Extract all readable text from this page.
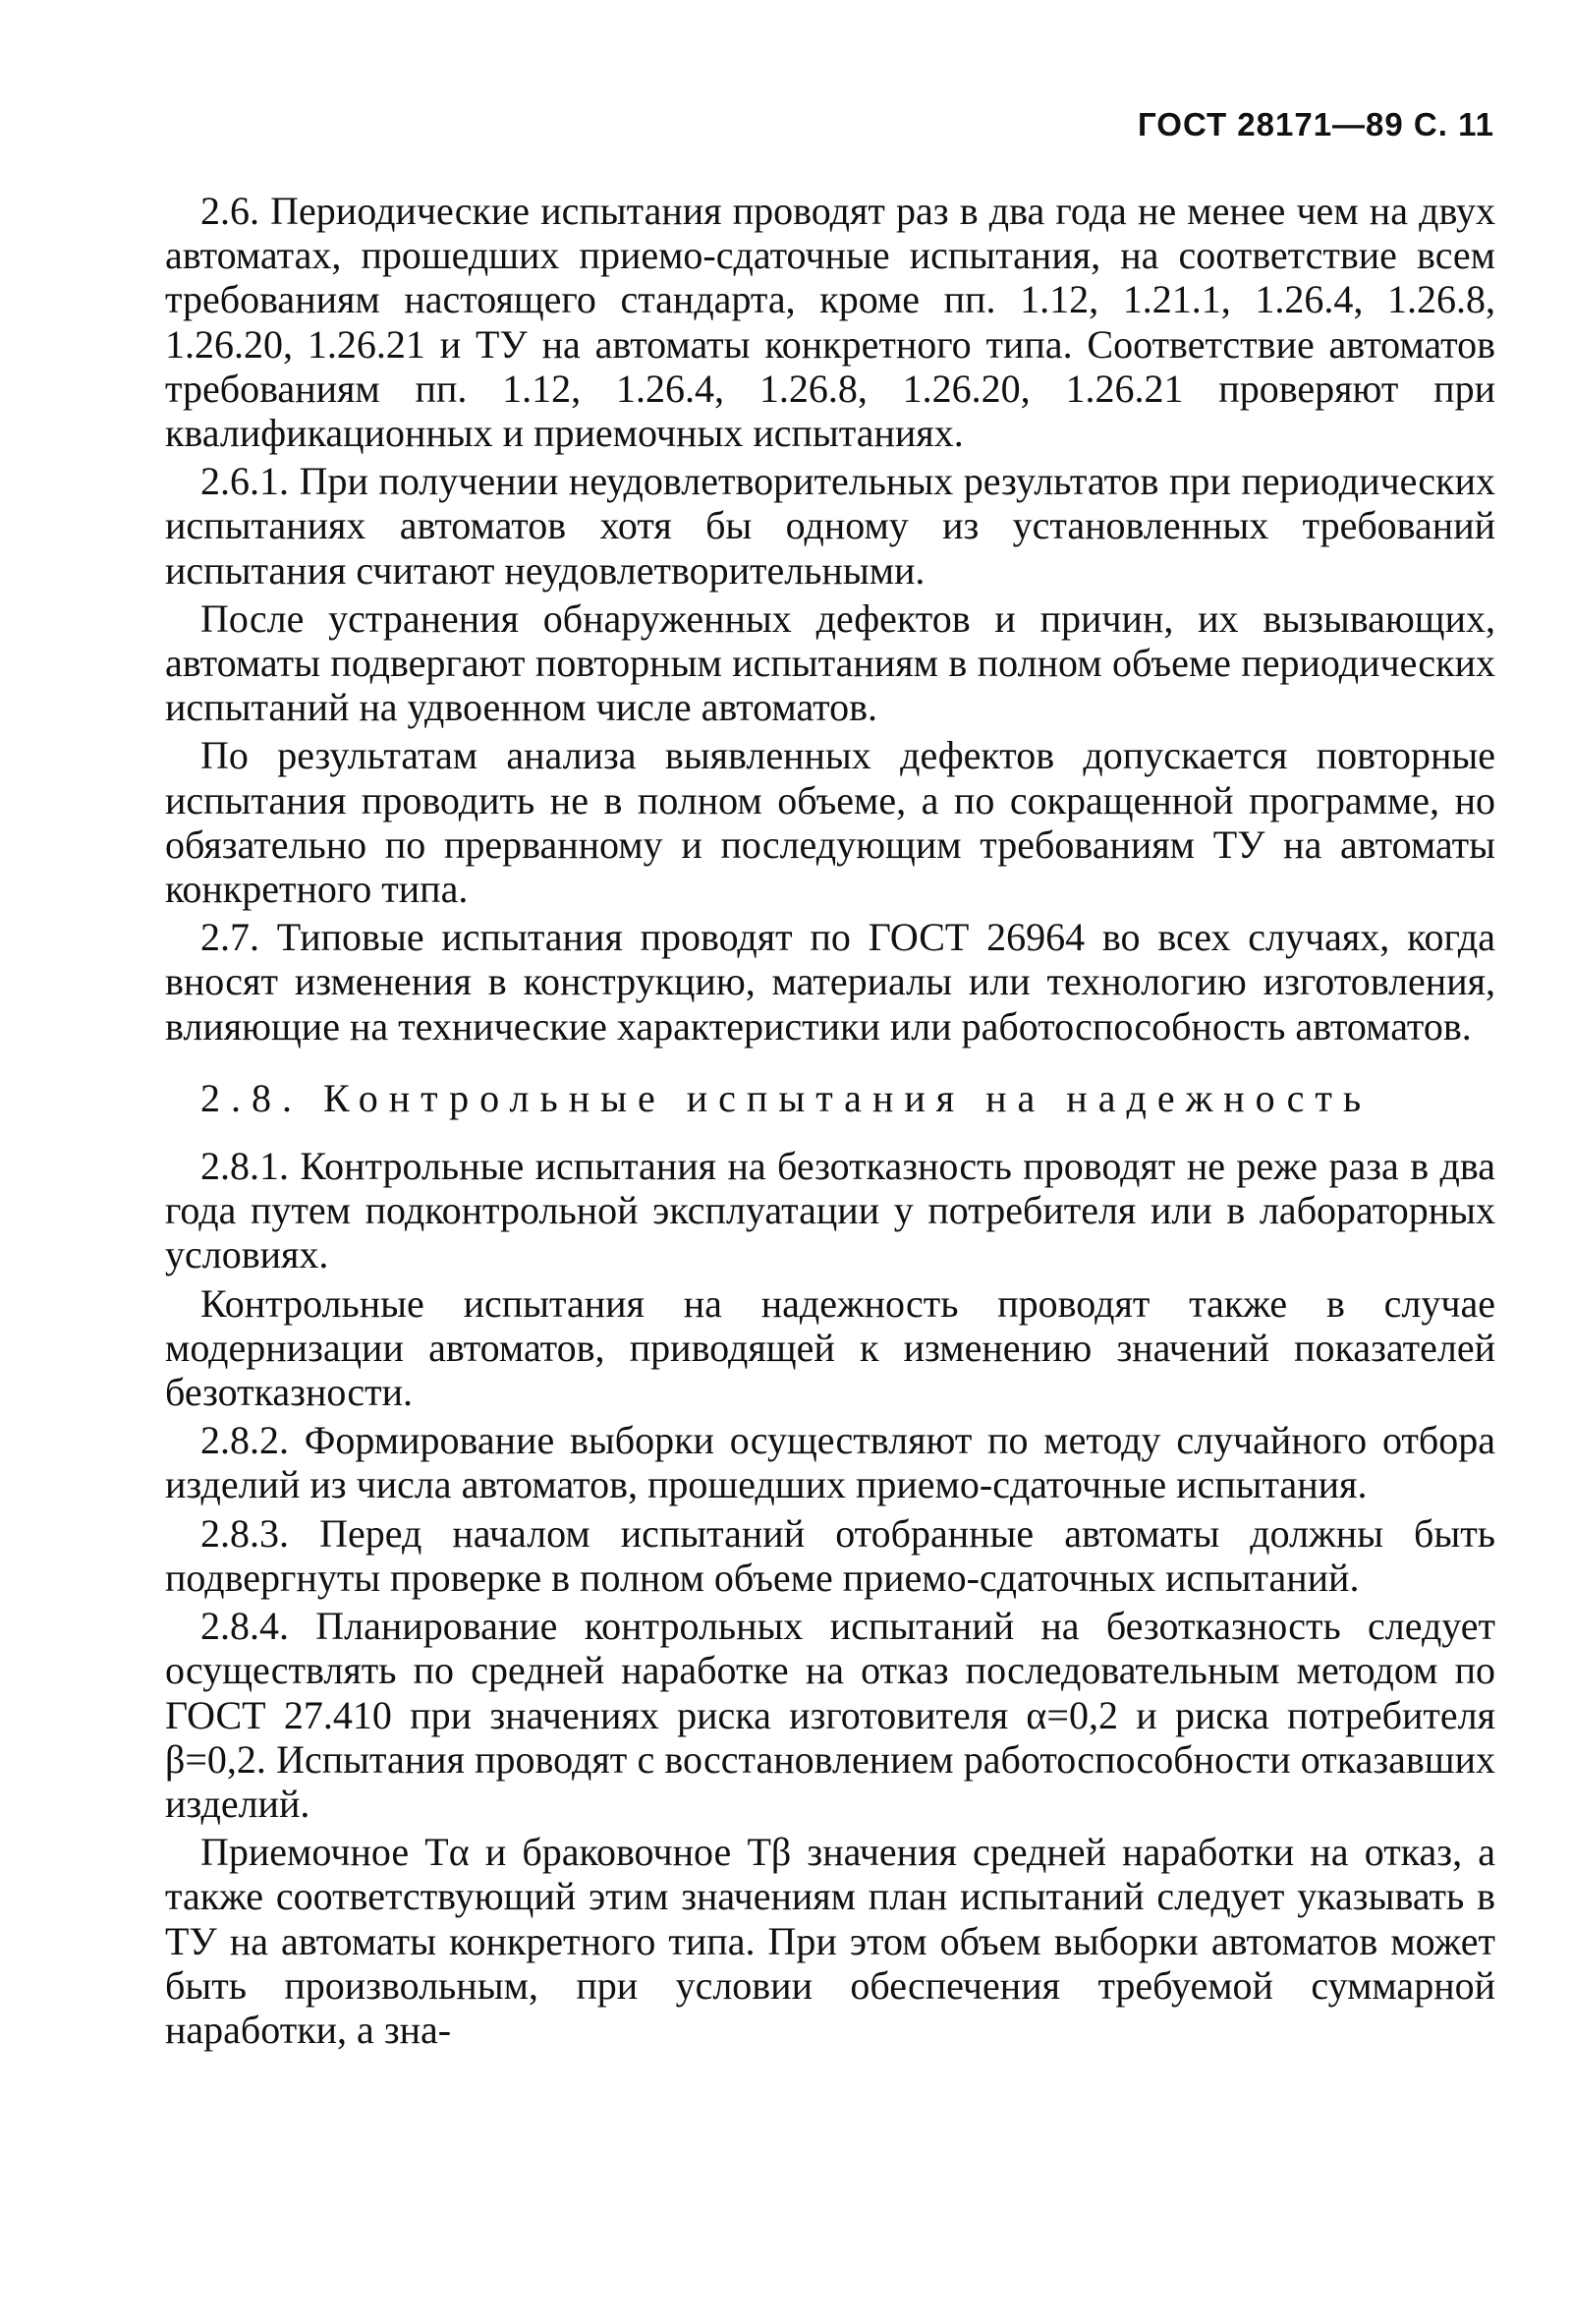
ГОСТ 28171—89 С. 11

2.6. Периодические испытания проводят раз в два года не менее чем на двух автоматах, прошедших приемо-сдаточные испытания, на соответствие всем требованиям настоящего стандарта, кроме пп. 1.12, 1.21.1, 1.26.4, 1.26.8, 1.26.20, 1.26.21 и ТУ на автоматы конкретного типа. Соответствие автоматов требованиям пп. 1.12, 1.26.4, 1.26.8, 1.26.20, 1.26.21 проверяют при квалификационных и приемочных испытаниях.

2.6.1. При получении неудовлетворительных результатов при периодических испытаниях автоматов хотя бы одному из установленных требований испытания считают неудовлетворительными.

После устранения обнаруженных дефектов и причин, их вызывающих, автоматы подвергают повторным испытаниям в полном объеме периодических испытаний на удвоенном числе автоматов.

По результатам анализа выявленных дефектов допускается повторные испытания проводить не в полном объеме, а по сокращенной программе, но обязательно по прерванному и последующим требованиям ТУ на автоматы конкретного типа.

2.7. Типовые испытания проводят по ГОСТ 26964 во всех случаях, когда вносят изменения в конструкцию, материалы или технологию изготовления, влияющие на технические характеристики или работоспособность автоматов.

2.8. Контрольные испытания на надежность

2.8.1. Контрольные испытания на безотказность проводят не реже раза в два года путем подконтрольной эксплуатации у потребителя или в лабораторных условиях.

Контрольные испытания на надежность проводят также в случае модернизации автоматов, приводящей к изменению значений показателей безотказности.

2.8.2. Формирование выборки осуществляют по методу случайного отбора изделий из числа автоматов, прошедших приемо-сдаточные испытания.

2.8.3. Перед началом испытаний отобранные автоматы должны быть подвергнуты проверке в полном объеме приемо-сдаточных испытаний.

2.8.4. Планирование контрольных испытаний на безотказность следует осуществлять по средней наработке на отказ последовательным методом по ГОСТ 27.410 при значениях риска изготовителя α=0,2 и риска потребителя β=0,2. Испытания проводят с восстановлением работоспособности отказавших изделий.

Приемочное Tα и браковочное Tβ значения средней наработки на отказ, а также соответствующий этим значениям план испытаний следует указывать в ТУ на автоматы конкретного типа. При этом объем выборки автоматов может быть произвольным, при условии обеспечения требуемой суммарной наработки, а зна-
